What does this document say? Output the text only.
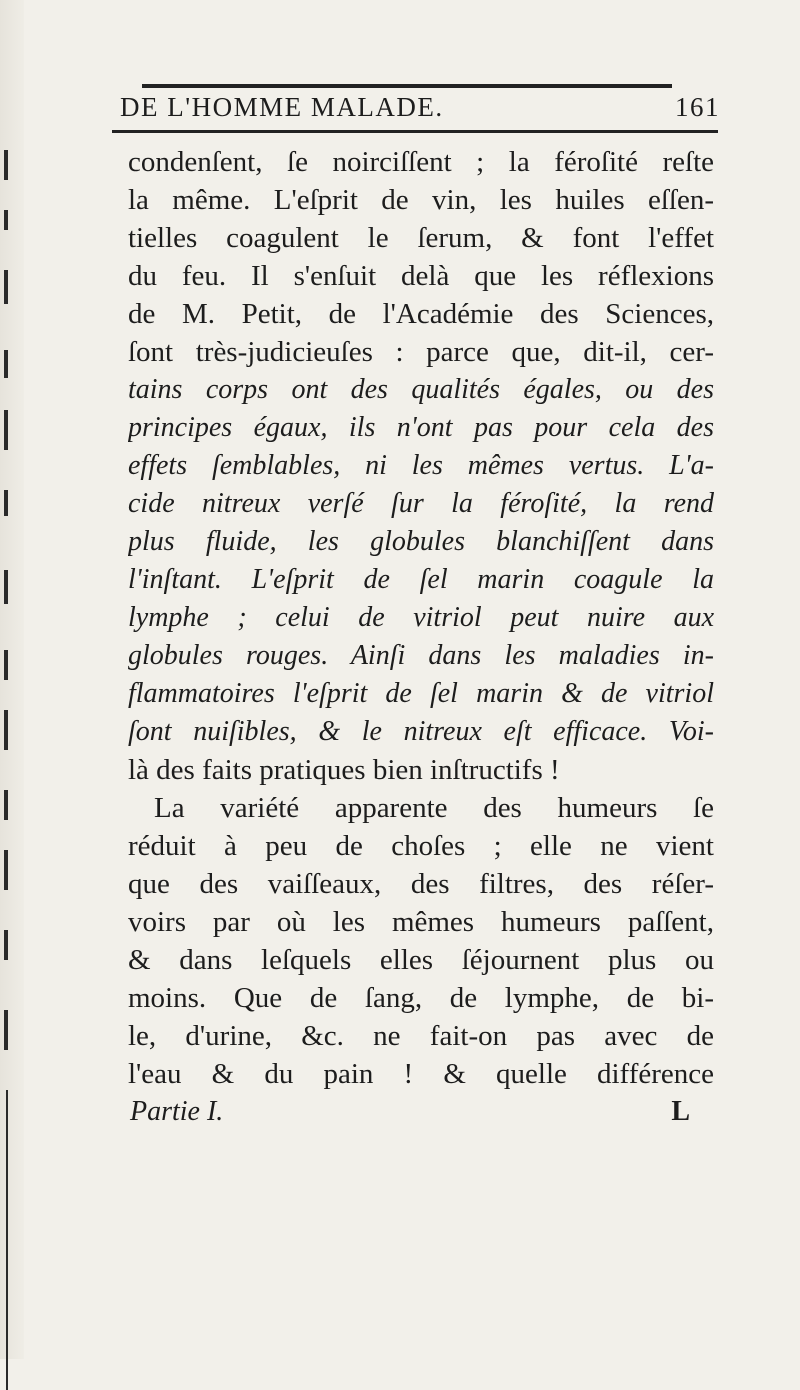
DE L'HOMME MALADE.	161
condenſent, ſe noirciſſent ; la féroſité reſte
la même. L'eſprit de vin, les huiles eſſen-
tielles coagulent le ſerum, & font l'effet
du feu. Il s'enſuit delà que les réflexions
de M. Petit, de l'Académie des Sciences,
ſont très-judicieuſes : parce que, dit-il, cer-
tains corps ont des qualités égales, ou des
principes égaux, ils n'ont pas pour cela des
effets ſemblables, ni les mêmes vertus. L'a-
cide nitreux verſé ſur la féroſité, la rend
plus fluide, les globules blanchiſſent dans
l'inſtant. L'eſprit de ſel marin coagule la
lymphe ; celui de vitriol peut nuire aux
globules rouges. Ainſi dans les maladies in-
flammatoires l'eſprit de ſel marin & de vitriol
ſont nuiſibles, & le nitreux eſt efficace. Voi-
là des faits pratiques bien inſtructifs !
La variété apparente des humeurs ſe
réduit à peu de choſes ; elle ne vient
que des vaiſſeaux, des filtres, des réſer-
voirs par où les mêmes humeurs paſſent,
& dans leſquels elles ſéjournent plus ou
moins. Que de ſang, de lymphe, de bi-
le, d'urine, &c. ne fait-on pas avec de
l'eau & du pain ! & quelle différence
Partie I.	L
